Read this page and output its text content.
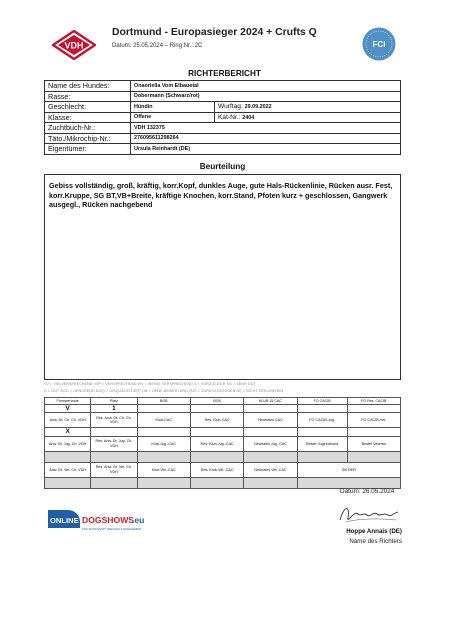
VDH
Dortmund - Europasieger 2024 + Crufts Q
Datum: 25.05.2024 – Ring Nr.: 2C	FCI
RICHTERBERICHT
Name des Hundes:	Onaoriella Vom Elbauetal	
Rasse:	Dobermann (Schwarz/rot)	
Geschlecht:	Hündin	Wurftag: 29.09.2022
Klasse:	Offene	Kat-Nr.: 2404
Zuchtbuch-Nr.:	VDH 132375	
Täto./Mikrochip-Nr.:	276095611298264	
Eigentümer:	Ursula Reinhardt (DE)	
Beurteilung
Gebiss vollständig, groß, kräftig, korr.Kopf, dunkles Auge, gute Hals-Rückenlinie, Rücken ausr. Fest, korr.Kruppe, SG BT,VB+Breite, kräftige Knochen, korr.Stand, Pfoten kurz + geschlossen, Gangwerk ausgegl., Rücken nachgebend
VV = VIELVERSPRECHEND VSP = VERSPRECHEND WV = WENIG VERSPRECHEND V = VORZÜGLICH SG = SEHR GUT
G = GUT GGD = GENÜGEND DISQ = DISQUALIFIZIERT OB = OHNE BEWERTUNG ZUR = ZURÜCKGEZOGEN NE = NICHT ERSCHIENEN
Formwertnote	Platz	BOB	BOS	KLUB 15 CAC	FO CACIB	FO Res. CACIB
V	1					
Anw. Dt. Ch. Ch. VDH	Res. Anw. Dt. Ch. Ch. VDH	Klub-CAC	Res. Klub-CAC	Neutrales CAC	FO CACIB-Jug.	FO CACIB-Vet.
X						
Anw. Dt. Jug. Ch. VDH	Res. Anw. Dt. Jug. Ch. VDH	Klub-Jug.-CAC	Res. Klub-Jug.-CAC	Neutrales Jug.-CAC	Bester Jugendhund	Bester Veteran

Anw. Dt. Vet. Ch. VDH	Res. Anw. Dt. Vet. Ch. VDH	Klub-Vet.-CAC	Res. Klub-Vet.-CAC	Neutrales Vet.-CAC	SIEGER	

Datum: 26.05.2024
ONLINE DOGSHOWS
.eu
DOG SHOW ENTRY SERVICES & MANAGEMENT	Hoppe Annais (DE)
Name des Richters
